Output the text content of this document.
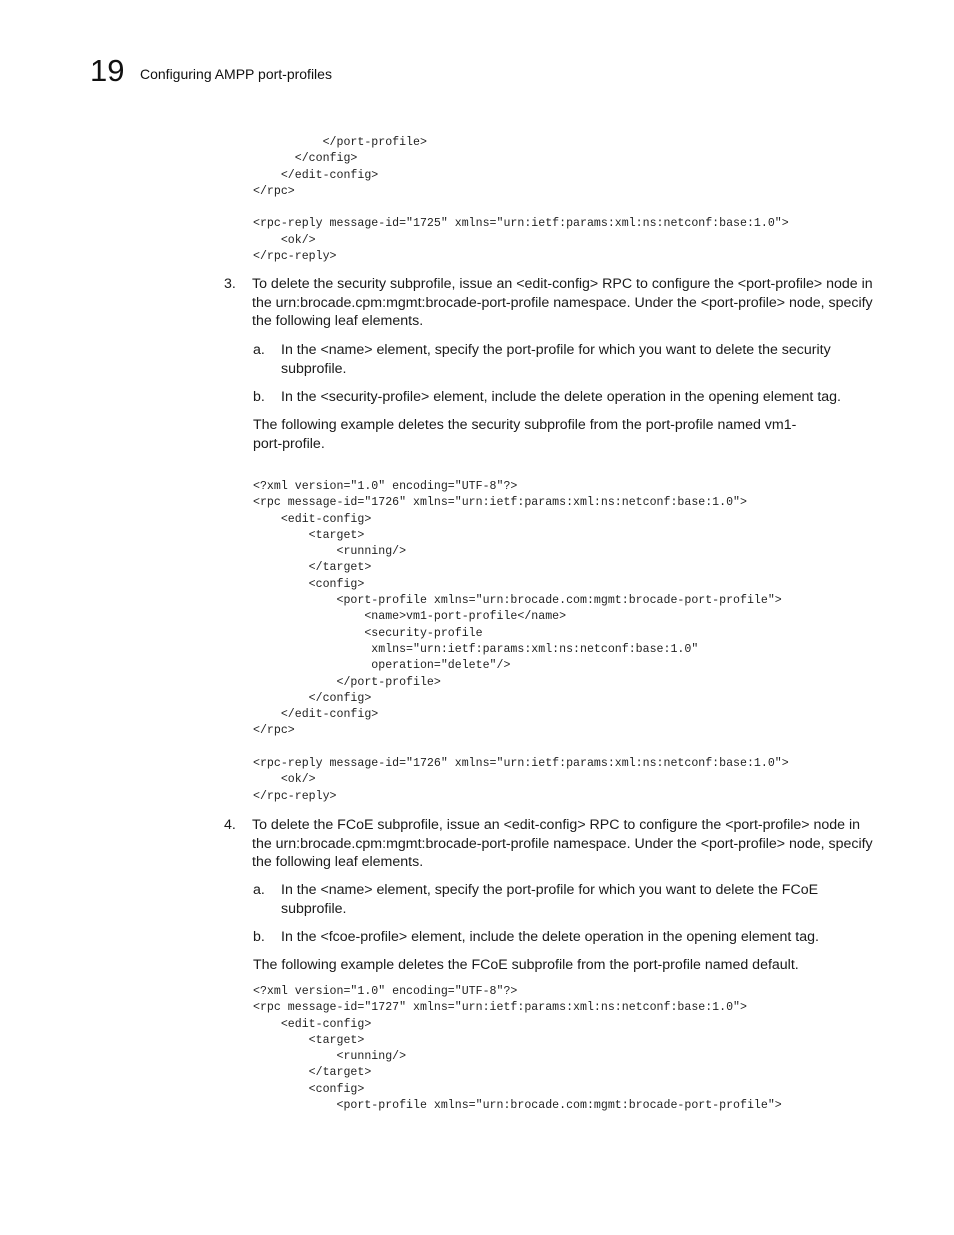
19 Configuring AMPP port-profiles
</port-profile>
</config>
</edit-config>
</rpc>

<rpc-reply message-id="1725" xmlns="urn:ietf:params:xml:ns:netconf:base:1.0">
<ok/>
</rpc-reply>
3. To delete the security subprofile, issue an <edit-config> RPC to configure the <port-profile> node in the urn:brocade.cpm:mgmt:brocade-port-profile namespace. Under the <port-profile> node, specify the following leaf elements.
a. In the <name> element, specify the port-profile for which you want to delete the security subprofile.
b. In the <security-profile> element, include the delete operation in the opening element tag.
The following example deletes the security subprofile from the port-profile named vm1-port-profile.
<?xml version="1.0" encoding="UTF-8"?>
<rpc message-id="1726" xmlns="urn:ietf:params:xml:ns:netconf:base:1.0">
<edit-config>
<target>
<running/>
</target>
<config>
<port-profile xmlns="urn:brocade.com:mgmt:brocade-port-profile">
<name>vm1-port-profile</name>
<security-profile
xmlns="urn:ietf:params:xml:ns:netconf:base:1.0"
operation="delete"/>
</port-profile>
</config>
</edit-config>
</rpc>

<rpc-reply message-id="1726" xmlns="urn:ietf:params:xml:ns:netconf:base:1.0">
<ok/>
</rpc-reply>
4. To delete the FCoE subprofile, issue an <edit-config> RPC to configure the <port-profile> node in the urn:brocade.cpm:mgmt:brocade-port-profile namespace. Under the <port-profile> node, specify the following leaf elements.
a. In the <name> element, specify the port-profile for which you want to delete the FCoE subprofile.
b. In the <fcoe-profile> element, include the delete operation in the opening element tag.
The following example deletes the FCoE subprofile from the port-profile named default.
<?xml version="1.0" encoding="UTF-8"?>
<rpc message-id="1727" xmlns="urn:ietf:params:xml:ns:netconf:base:1.0">
<edit-config>
<target>
<running/>
</target>
<config>
<port-profile xmlns="urn:brocade.com:mgmt:brocade-port-profile">
